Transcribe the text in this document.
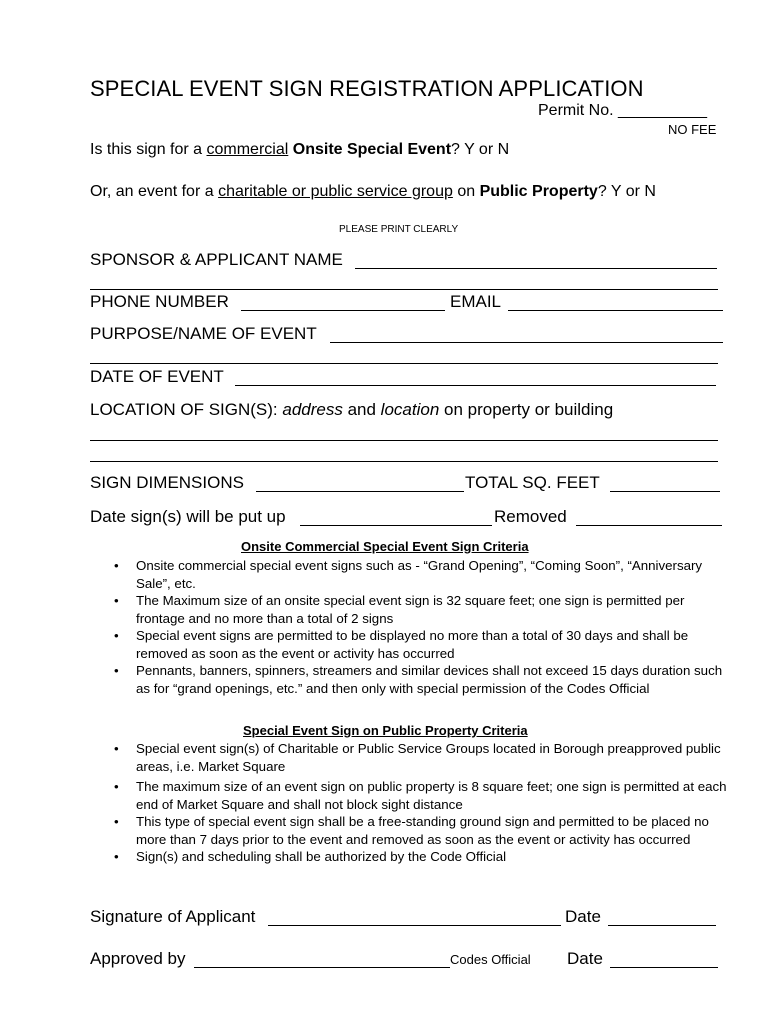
SPECIAL EVENT SIGN REGISTRATION APPLICATION
Permit No. __________
NO FEE
Is this sign for a commercial Onsite Special Event? Y or N
Or, an event for a charitable or public service group on Public Property? Y or N
PLEASE PRINT CLEARLY
SPONSOR & APPLICANT NAME
PHONE NUMBER	EMAIL
PURPOSE/NAME OF EVENT
DATE OF EVENT
LOCATION OF SIGN(S): address and location on property or building
SIGN DIMENSIONS	TOTAL SQ. FEET
Date sign(s) will be put up	Removed
Onsite Commercial Special Event Sign Criteria
• Onsite commercial special event signs such as - “Grand Opening”, “Coming Soon”, “Anniversary Sale”, etc.
• The Maximum size of an onsite special event sign is 32 square feet; one sign is permitted per frontage and no more than a total of 2 signs
• Special event signs are permitted to be displayed no more than a total of 30 days and shall be removed as soon as the event or activity has occurred
• Pennants, banners, spinners, streamers and similar devices shall not exceed 15 days duration such as for “grand openings, etc.” and then only with special permission of the Codes Official
Special Event Sign on Public Property Criteria
• Special event sign(s) of Charitable or Public Service Groups located in Borough preapproved public areas, i.e. Market Square
• The maximum size of an event sign on public property is 8 square feet; one sign is permitted at each end of Market Square and shall not block sight distance
• This type of special event sign shall be a free-standing ground sign and permitted to be placed no more than 7 days prior to the event and removed as soon as the event or activity has occurred
• Sign(s) and scheduling shall be authorized by the Code Official
Signature of Applicant	Date
Approved by	Codes Official Date
